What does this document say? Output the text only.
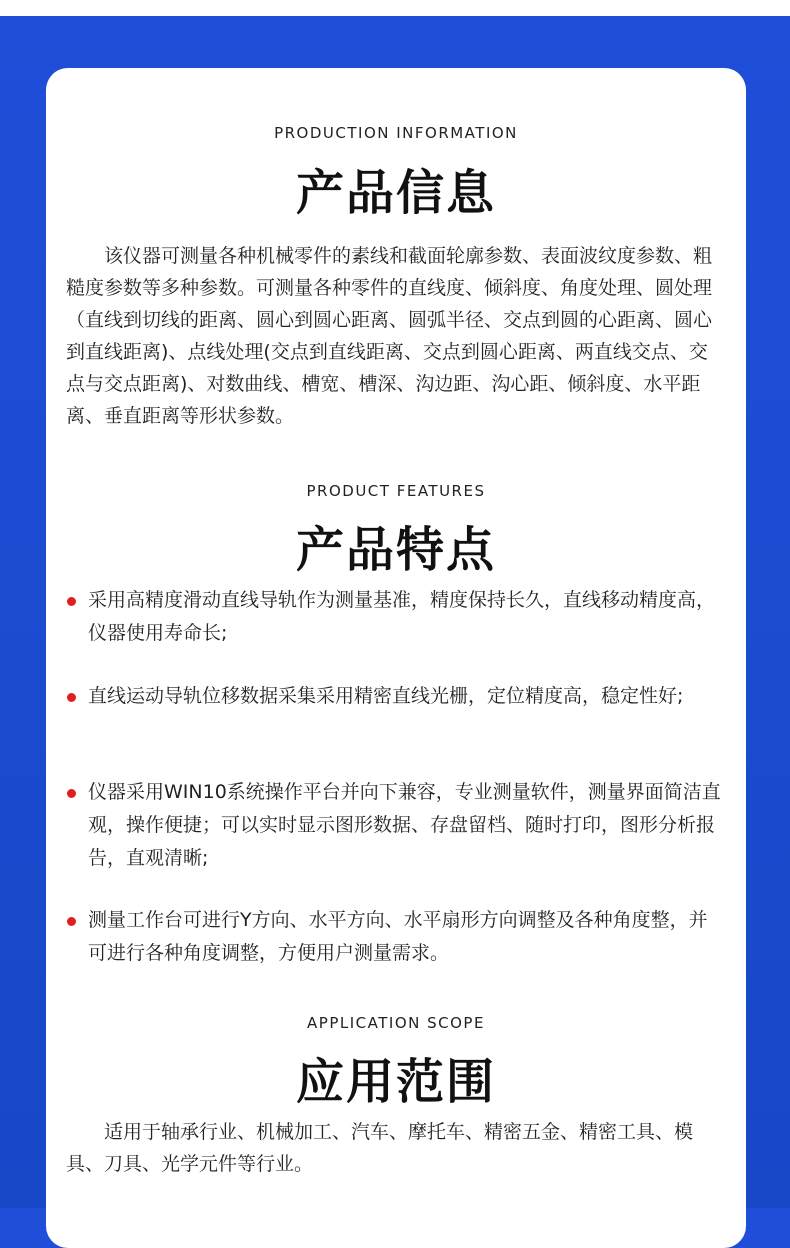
PRODUCTION INFORMATION
产品信息

该仪器可测量各种机械零件的素线和截面轮廓参数、表面波纹度参数、粗糙度参数等多种参数。可测量各种零件的直线度、倾斜度、角度处理、圆处理（直线到切线的距离、圆心到圆心距离、圆弧半径、交点到圆的心距离、圆心到直线距离)、点线处理(交点到直线距离、交点到圆心距离、两直线交点、交点与交点距离)、对数曲线、槽宽、槽深、沟边距、沟心距、倾斜度、水平距离、垂直距离等形状参数。

PRODUCT FEATURES
产品特点
采用高精度滑动直线导轨作为测量基准，精度保持长久，直线移动精度高，仪器使用寿命长;
直线运动导轨位移数据采集采用精密直线光栅，定位精度高，稳定性好;
仪器采用WIN10系统操作平台并向下兼容，专业测量软件，测量界面简洁直观，操作便捷；可以实时显示图形数据、存盘留档、随时打印，图形分析报告，直观清晰;
测量工作台可进行Y方向、水平方向、水平扇形方向调整及各种角度整，并可进行各种角度调整，方便用户测量需求。
APPLICATION SCOPE
应用范围

适用于轴承行业、机械加工、汽车、摩托车、精密五金、精密工具、模具、刀具、光学元件等行业。
